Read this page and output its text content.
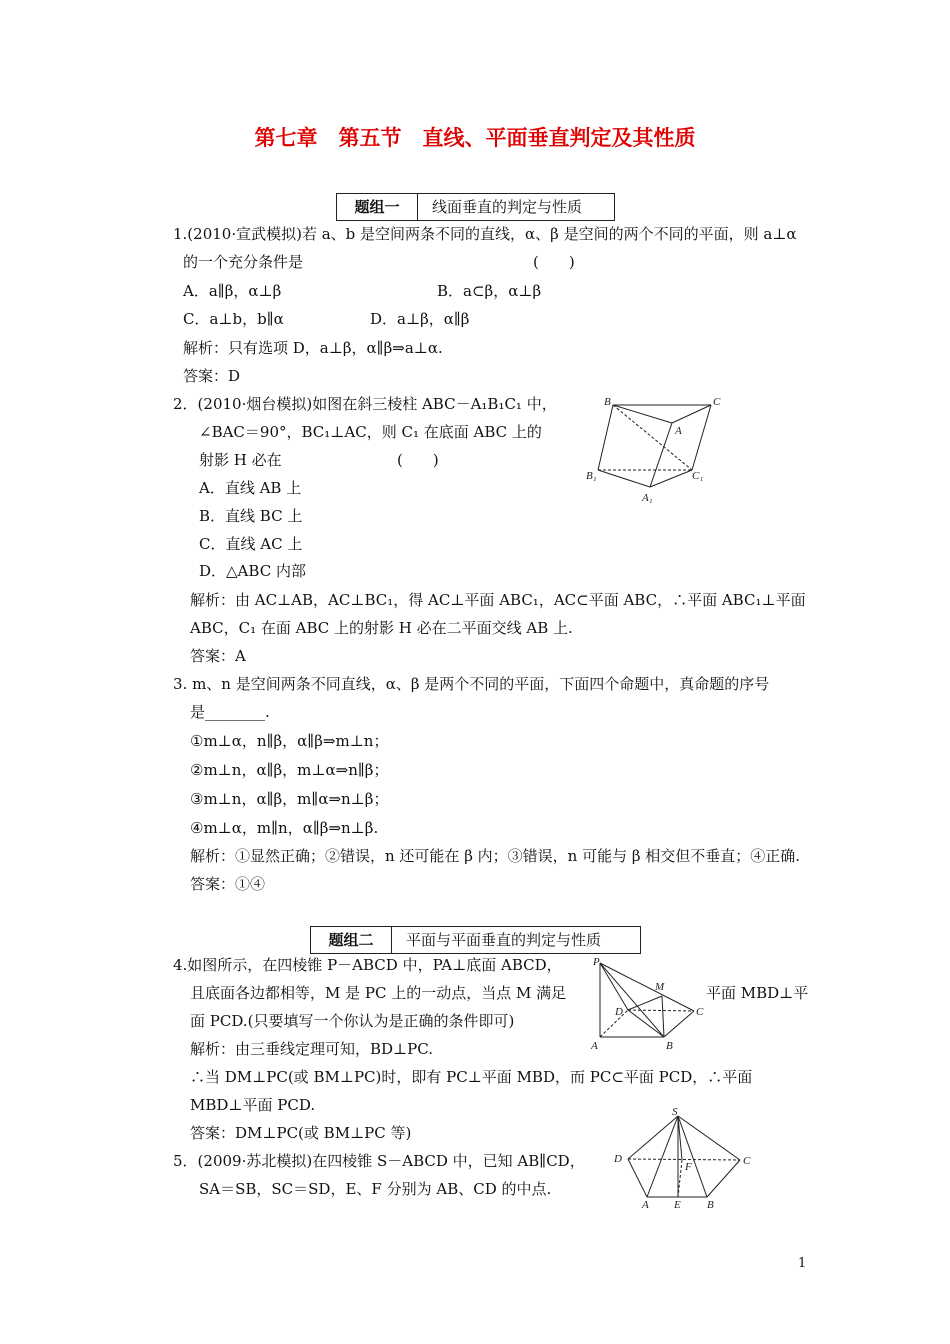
第七章　第五节　直线、平面垂直判定及其性质
题组一	线面垂直的判定与性质
1.(2010·宣武模拟)若 a、b 是空间两条不同的直线，α、β 是空间的两个不同的平面，则 a⊥α
的一个充分条件是	(　　)
A．a∥β，α⊥β	B．a⊂β，α⊥β
C．a⊥b，b∥α	D．a⊥β，α∥β
解析：只有选项 D，a⊥β，α∥β⇒a⊥α.
答案：D
2．(2010·烟台模拟)如图在斜三棱柱 ABC－A₁B₁C₁ 中，
∠BAC＝90°，BC₁⊥AC，则 C₁ 在底面 ABC 上的
射影 H 必在	(　　)
A．直线 AB 上
B．直线 BC 上
C．直线 AC 上
D．△ABC 内部
解析：由 AC⊥AB，AC⊥BC₁，得 AC⊥平面 ABC₁，AC⊂平面 ABC，∴平面 ABC₁⊥平面
ABC，C₁ 在面 ABC 上的射影 H 必在二平面交线 AB 上.
答案：A
B	C
A
B₁	C₁
A₁
3. m、n 是空间两条不同直线，α、β 是两个不同的平面，下面四个命题中，真命题的序号
是________.
①m⊥α，n∥β，α∥β⇒m⊥n；
②m⊥n，α∥β，m⊥α⇒n∥β；
③m⊥n，α∥β，m∥α⇒n⊥β；
④m⊥α，m∥n，α∥β⇒n⊥β.
解析：①显然正确；②错误，n 还可能在 β 内；③错误，n 可能与 β 相交但不垂直；④正确.
答案：①④
题组二	平面与平面垂直的判定与性质
4.如图所示，在四棱锥 P－ABCD 中，PA⊥底面 ABCD，
且底面各边都相等，M 是 PC 上的一动点，当点 M 满足	平面 MBD⊥平
面 PCD.(只要填写一个你认为是正确的条件即可)
解析：由三垂线定理可知，BD⊥PC.
∴当 DM⊥PC(或 BM⊥PC)时，即有 PC⊥平面 MBD，而 PC⊂平面 PCD，∴平面
MBD⊥平面 PCD.
答案：DM⊥PC(或 BM⊥PC 等)
P
M
D	C
A	B
5．(2009·苏北模拟)在四棱锥 S－ABCD 中，已知 AB∥CD，
SA＝SB，SC＝SD，E、F 分别为 AB、CD 的中点.
S
D	C
F
A E B
1
